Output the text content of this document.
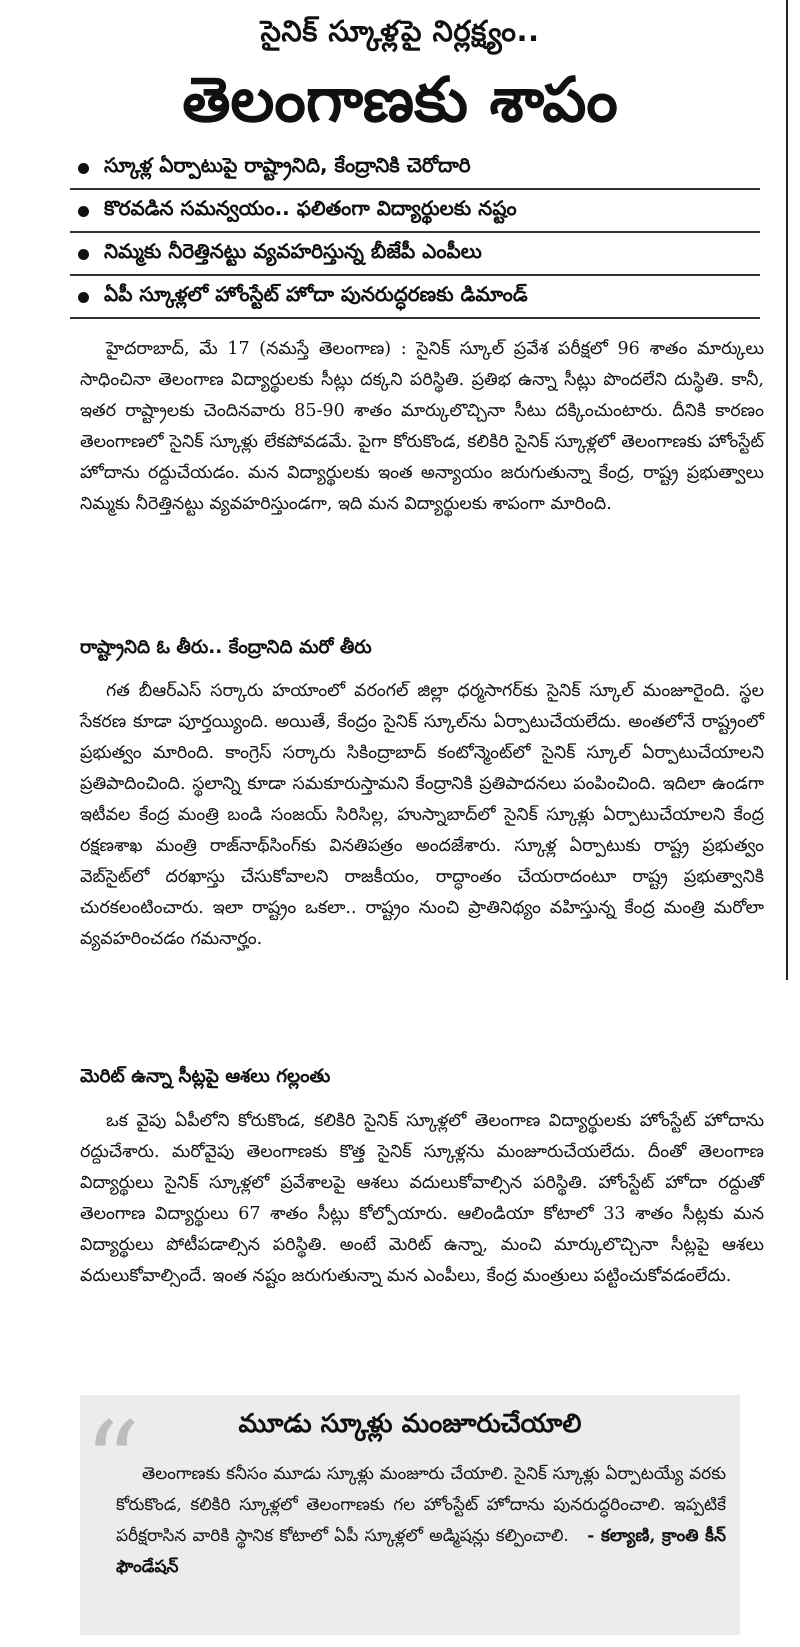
సైనిక్‌ స్కూళ్లపై నిర్లక్ష్యం..
తెలంగాణకు శాపం
స్కూళ్ల ఏర్పాటుపై రాష్ట్రానిది, కేంద్రానికి చెరోదారి
కొరవడిన సమన్వయం.. ఫలితంగా విద్యార్థులకు నష్టం
నిమ్మకు నీరెత్తినట్టు వ్యవహరిస్తున్న బీజేపీ ఎంపీలు
ఏపీ స్కూళ్లలో హోంస్టేట్‌ హోదా పునరుద్ధరణకు డిమాండ్‌

హైదరాబాద్‌, మే 17 (నమస్తే తెలంగాణ) : సైనిక్‌ స్కూల్‌ ప్రవేశ పరీక్షలో 96 శాతం మార్కులు సాధించినా తెలంగాణ విద్యార్థులకు సీట్లు దక్కని పరిస్థితి. ప్రతిభ ఉన్నా సీట్లు పొందలేని దుస్థితి. కానీ, ఇతర రాష్ట్రాలకు చెందినవారు 85-90 శాతం మార్కులొచ్చినా సీటు దక్కించుంటారు. దీనికి కారణం తెలంగాణలో సైనిక్‌ స్కూళ్లు లేకపోవడమే. పైగా కోరుకొండ, కలికిరి సైనిక్‌ స్కూళ్లలో తెలంగాణకు హోంస్టేట్‌ హోదాను రద్దుచేయడం. మన విద్యార్థులకు ఇంత అన్యాయం జరుగుతున్నా కేంద్ర, రాష్ట్ర ప్రభుత్వాలు నిమ్మకు నీరెత్తినట్టు వ్యవహరిస్తుండగా, ఇది మన విద్యార్థులకు శాపంగా మారింది.

రాష్ట్రానిది ఓ తీరు.. కేంద్రానిది మరో తీరు

గత బీఆర్‌ఎస్‌ సర్కారు హయాంలో వరంగల్‌ జిల్లా ధర్మసాగర్‌కు సైనిక్‌ స్కూల్‌ మంజూరైంది. స్థల సేకరణ కూడా పూర్తయ్యింది. అయితే, కేంద్రం సైనిక్‌ స్కూల్‌ను ఏర్పాటుచేయలేదు. అంతలోనే రాష్ట్రంలో ప్రభుత్వం మారింది. కాంగ్రెస్‌ సర్కారు సికింద్రాబాద్‌ కంటోన్మెంట్‌లో సైనిక్‌ స్కూల్‌ ఏర్పాటుచేయాలని ప్రతిపాదించింది. స్థలాన్ని కూడా సమకూరుస్తామని కేంద్రానికి ప్రతిపాదనలు పంపించింది. ఇదిలా ఉండగా ఇటీవల కేంద్ర మంత్రి బండి సంజయ్‌ సిరిసిల్ల, హుస్నాబాద్‌లో సైనిక్‌ స్కూళ్లు ఏర్పాటుచేయాలని కేంద్ర రక్షణశాఖ మంత్రి రాజ్‌నాథ్‌సింగ్‌కు వినతిపత్రం అందజేశారు. స్కూళ్ల ఏర్పాటుకు రాష్ట్ర ప్రభుత్వం వెబ్‌సైట్‌లో దరఖాస్తు చేసుకోవాలని రాజకీయం, రాద్ధాంతం చేయరాదంటూ రాష్ట్ర ప్రభుత్వానికి చురకలంటించారు. ఇలా రాష్ట్రం ఒకలా.. రాష్ట్రం నుంచి ప్రాతినిథ్యం వహిస్తున్న కేంద్ర మంత్రి మరోలా వ్యవహరించడం గమనార్హం.

మెరిట్‌ ఉన్నా సీట్లపై ఆశలు గల్లంతు

ఒక వైపు ఏపీలోని కోరుకొండ, కలికిరి సైనిక్‌ స్కూళ్లలో తెలంగాణ విద్యార్థులకు హోంస్టేట్‌ హోదాను రద్దుచేశారు. మరోవైపు తెలంగాణకు కొత్త సైనిక్‌ స్కూళ్లను మంజూరుచేయలేదు. దీంతో తెలంగాణ విద్యార్థులు సైనిక్‌ స్కూళ్లలో ప్రవేశాలపై ఆశలు వదులుకోవాల్సిన పరిస్థితి. హోంస్టేట్‌ హోదా రద్దుతో తెలంగాణ విద్యార్థులు 67 శాతం సీట్లు కోల్పోయారు. ఆలిండియా కోటాలో 33 శాతం సీట్లకు మన విద్యార్థులు పోటీపడాల్సిన పరిస్థితి. అంటే మెరిట్‌ ఉన్నా, మంచి మార్కులొచ్చినా సీట్లపై ఆశలు వదులుకోవాల్సిందే. ఇంత నష్టం జరుగుతున్నా మన ఎంపీలు, కేంద్ర మంత్రులు పట్టించుకోవడంలేదు.

“	మూడు స్కూళ్లు మంజూరుచేయాలి

తెలంగాణకు కనీసం మూడు స్కూళ్లు మంజూరు చేయాలి. సైనిక్‌ స్కూళ్లు ఏర్పాటయ్యే వరకు కోరుకొండ, కలికిరి స్కూళ్లలో తెలంగాణకు గల హోంస్టేట్‌ హోదాను పునరుద్ధరించాలి. ఇప్పటికే పరీక్షరాసిన వారికి స్థానిక కోటాలో ఏపీ స్కూళ్లలో అడ్మిషన్లు కల్పించాలి. - కల్యాణి, క్రాంతి కీన్‌ ఫౌండేషన్‌
